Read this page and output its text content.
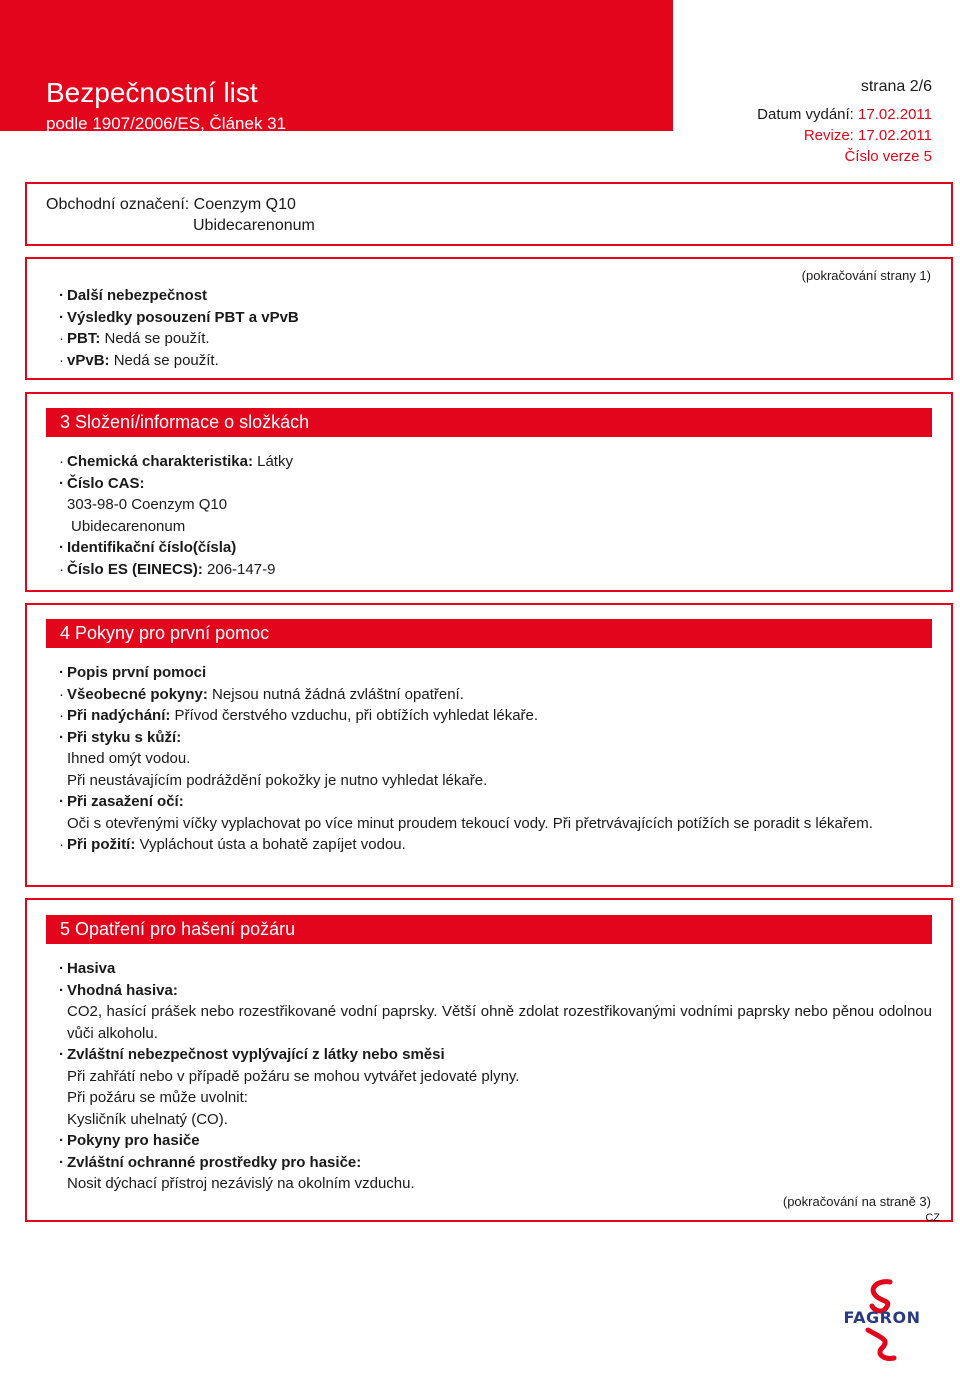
Bezpečnostní list
podle 1907/2006/ES, Článek 31
strana 2/6
Datum vydání: 17.02.2011
Revize: 17.02.2011
Číslo verze 5
Obchodní označení: Coenzym Q10
Ubidecarenonum
(pokračování strany 1)

· Další nebezpečnost

· Výsledky posouzení PBT a vPvB

· PBT: Nedá se použít.

· vPvB: Nedá se použít.

3 Složení/informace o složkách

· Chemická charakteristika: Látky

· Číslo CAS:

303-98-0 Coenzym Q10

Ubidecarenonum

· Identifikační číslo(čísla)

· Číslo ES (EINECS): 206-147-9

4 Pokyny pro první pomoc

· Popis první pomoci

· Všeobecné pokyny: Nejsou nutná žádná zvláštní opatření.

· Při nadýchání: Přívod čerstvého vzduchu, při obtížích vyhledat lékaře.

· Při styku s kůží:

Ihned omýt vodou.

Při neustávajícím podráždění pokožky je nutno vyhledat lékaře.

· Při zasažení očí:

Oči s otevřenými víčky vyplachovat po více minut proudem tekoucí vody. Při přetrvávajících potížích se poradit s lékařem.

· Při požití: Vypláchout ústa a bohatě zapíjet vodou.

5 Opatření pro hašení požáru

· Hasiva

· Vhodná hasiva:

CO2, hasící prášek nebo rozestřikované vodní paprsky. Větší ohně zdolat rozestřikovanými vodními paprsky nebo pěnou odolnou vůči alkoholu.

· Zvláštní nebezpečnost vyplývající z látky nebo směsi

Při zahřátí nebo v případě požáru se mohou vytvářet jedovaté plyny.

Při požáru se může uvolnit:

Kysličník uhelnatý (CO).

· Pokyny pro hasiče

· Zvláštní ochranné prostředky pro hasiče:

Nosit dýchací přístroj nezávislý na okolním vzduchu.

(pokračování na straně 3)
CZ
FAGRON
